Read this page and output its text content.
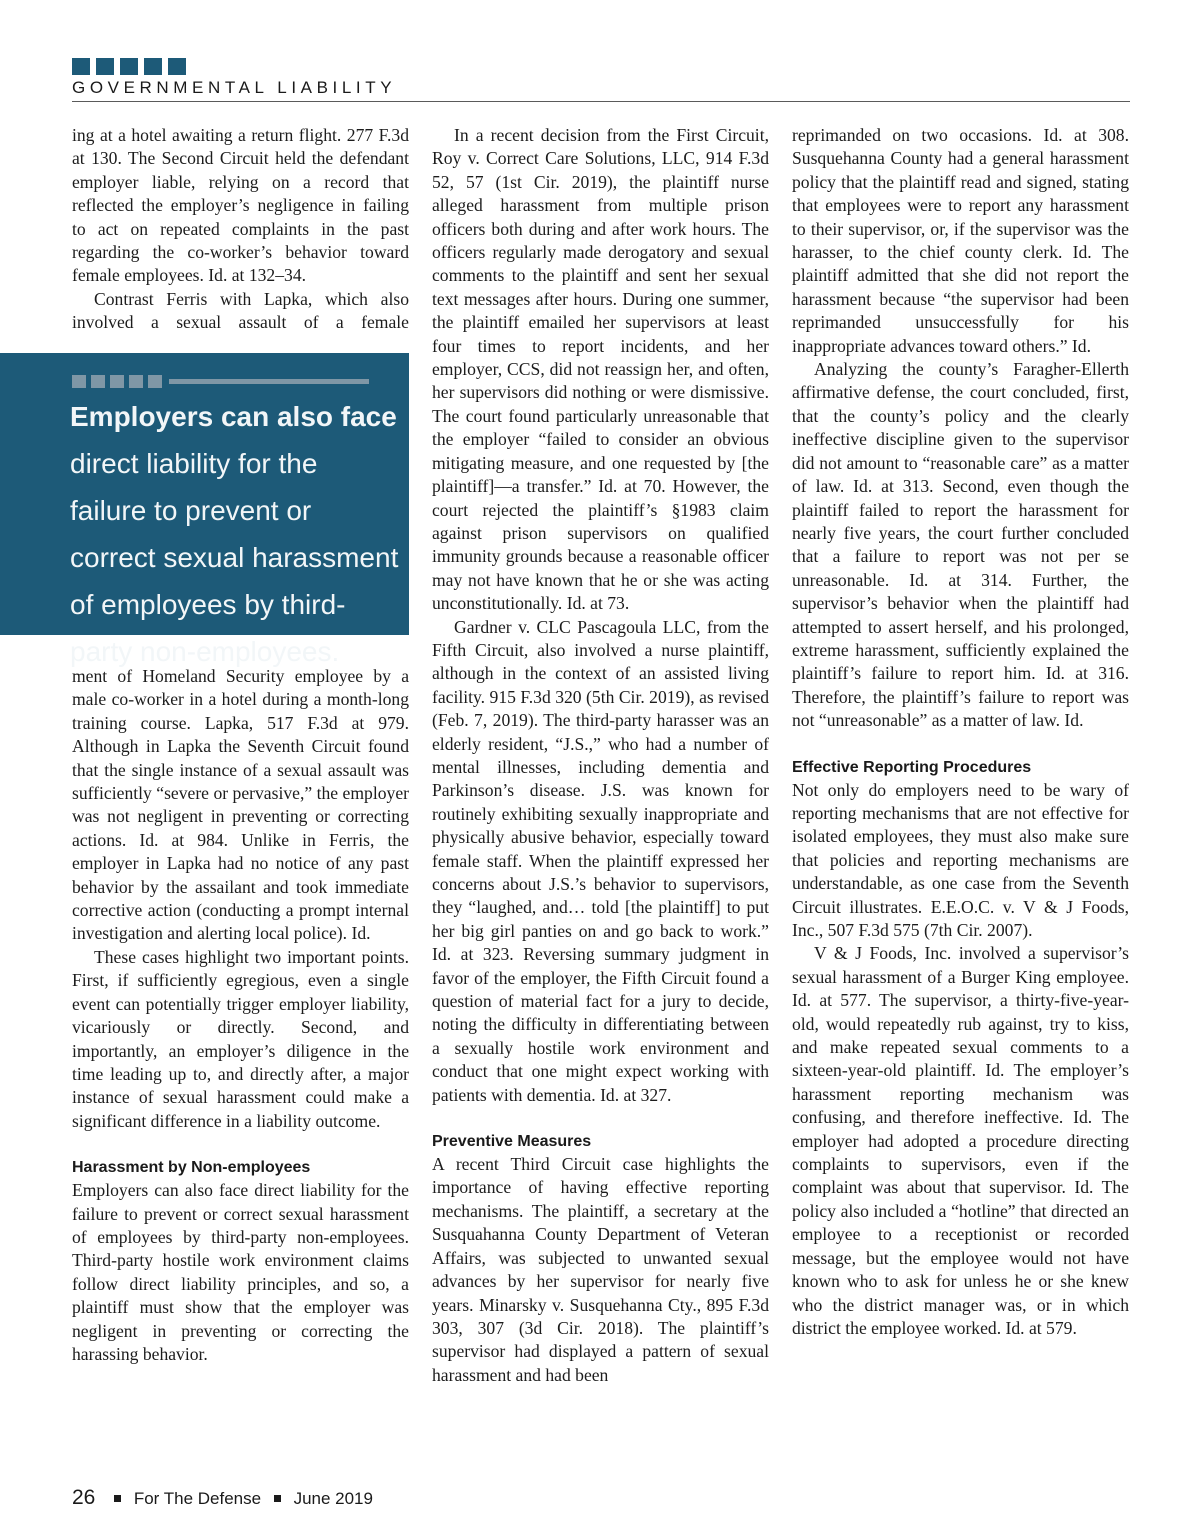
GOVERNMENTAL LIABILITY

ing at a hotel awaiting a return flight. 277 F.3d at 130. The Second Circuit held the defendant employer liable, relying on a record that reflected the employer’s negligence in failing to act on repeated complaints in the past regarding the co-worker’s behavior toward female employees. Id. at 132–34.

Contrast Ferris with Lapka, which also involved a sexual assault of a female

Employers can also face direct liability for the failure to prevent or correct sexual harassment of employees by third-party non-employees.

ment of Homeland Security employee by a male co-worker in a hotel during a month-long training course. Lapka, 517 F.3d at 979. Although in Lapka the Seventh Circuit found that the single instance of a sexual assault was sufficiently “severe or pervasive,” the employer was not negligent in preventing or correcting actions. Id. at 984. Unlike in Ferris, the employer in Lapka had no notice of any past behavior by the assailant and took immediate corrective action (conducting a prompt internal investigation and alerting local police). Id.

These cases highlight two important points. First, if sufficiently egregious, even a single event can potentially trigger employer liability, vicariously or directly. Second, and importantly, an employer’s diligence in the time leading up to, and directly after, a major instance of sexual harassment could make a significant difference in a liability outcome.

Harassment by Non-employees

Employers can also face direct liability for the failure to prevent or correct sexual harassment of employees by third-party non-employees. Third-party hostile work environment claims follow direct liability principles, and so, a plaintiff must show that the employer was negligent in preventing or correcting the harassing behavior.

In a recent decision from the First Circuit, Roy v. Correct Care Solutions, LLC, 914 F.3d 52, 57 (1st Cir. 2019), the plaintiff nurse alleged harassment from multiple prison officers both during and after work hours. The officers regularly made derogatory and sexual comments to the plaintiff and sent her sexual text messages after hours. During one summer, the plaintiff emailed her supervisors at least four times to report incidents, and her employer, CCS, did not reassign her, and often, her supervisors did nothing or were dismissive. The court found particularly unreasonable that the employer “failed to consider an obvious mitigating measure, and one requested by [the plaintiff]—a transfer.” Id. at 70. However, the court rejected the plaintiff’s §1983 claim against prison supervisors on qualified immunity grounds because a reasonable officer may not have known that he or she was acting unconstitutionally. Id. at 73.

Gardner v. CLC Pascagoula LLC, from the Fifth Circuit, also involved a nurse plaintiff, although in the context of an assisted living facility. 915 F.3d 320 (5th Cir. 2019), as revised (Feb. 7, 2019). The third-party harasser was an elderly resident, “J.S.,” who had a number of mental illnesses, including dementia and Parkinson’s disease. J.S. was known for routinely exhibiting sexually inappropriate and physically abusive behavior, especially toward female staff. When the plaintiff expressed her concerns about J.S.’s behavior to supervisors, they “laughed, and… told [the plaintiff] to put her big girl panties on and go back to work.” Id. at 323. Reversing summary judgment in favor of the employer, the Fifth Circuit found a question of material fact for a jury to decide, noting the difficulty in differentiating between a sexually hostile work environment and conduct that one might expect working with patients with dementia. Id. at 327.

Preventive Measures

A recent Third Circuit case highlights the importance of having effective reporting mechanisms. The plaintiff, a secretary at the Susquahanna County Department of Veteran Affairs, was subjected to unwanted sexual advances by her supervisor for nearly five years. Minarsky v. Susquehanna Cty., 895 F.3d 303, 307 (3d Cir. 2018). The plaintiff’s supervisor had displayed a pattern of sexual harassment and had been

reprimanded on two occasions. Id. at 308. Susquehanna County had a general harassment policy that the plaintiff read and signed, stating that employees were to report any harassment to their supervisor, or, if the supervisor was the harasser, to the chief county clerk. Id. The plaintiff admitted that she did not report the harassment because “the supervisor had been reprimanded unsuccessfully for his inappropriate advances toward others.” Id.

Analyzing the county’s Faragher-Ellerth affirmative defense, the court concluded, first, that the county’s policy and the clearly ineffective discipline given to the supervisor did not amount to “reasonable care” as a matter of law. Id. at 313. Second, even though the plaintiff failed to report the harassment for nearly five years, the court further concluded that a failure to report was not per se unreasonable. Id. at 314. Further, the supervisor’s behavior when the plaintiff had attempted to assert herself, and his prolonged, extreme harassment, sufficiently explained the plaintiff’s failure to report him. Id. at 316. Therefore, the plaintiff’s failure to report was not “unreasonable” as a matter of law. Id.

Effective Reporting Procedures

Not only do employers need to be wary of reporting mechanisms that are not effective for isolated employees, they must also make sure that policies and reporting mechanisms are understandable, as one case from the Seventh Circuit illustrates. E.E.O.C. v. V & J Foods, Inc., 507 F.3d 575 (7th Cir. 2007).

V & J Foods, Inc. involved a supervisor’s sexual harassment of a Burger King employee. Id. at 577. The supervisor, a thirty-five-year-old, would repeatedly rub against, try to kiss, and make repeated sexual comments to a sixteen-year-old plaintiff. Id. The employer’s harassment reporting mechanism was confusing, and therefore ineffective. Id. The employer had adopted a procedure directing complaints to supervisors, even if the complaint was about that supervisor. Id. The policy also included a “hotline” that directed an employee to a receptionist or recorded message, but the employee would not have known who to ask for unless he or she knew who the district manager was, or in which district the employee worked. Id. at 579.

26 For The Defense June 2019
